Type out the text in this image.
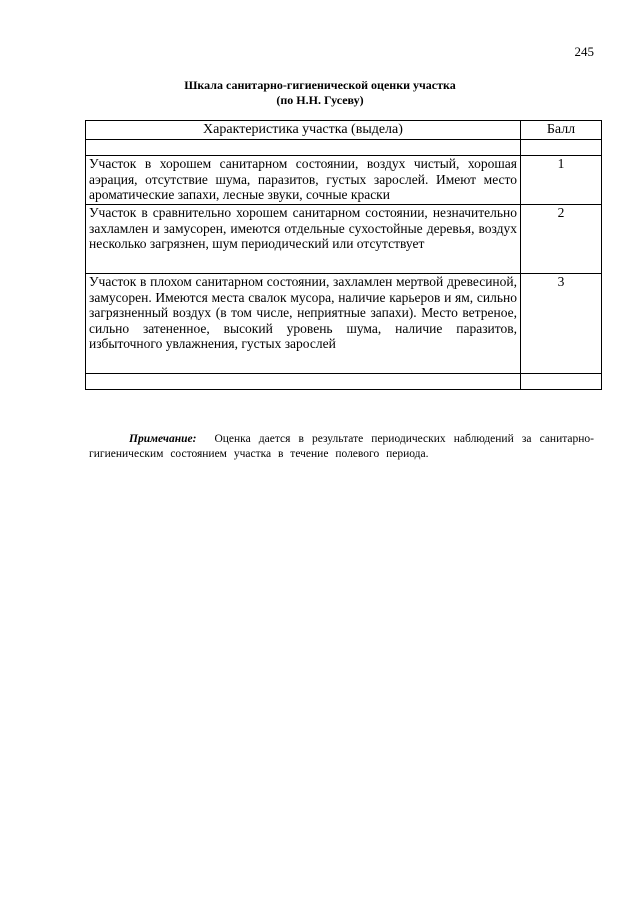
245
Шкала санитарно-гигиенической оценки участка
(по Н.Н. Гусеву)
Характеристика участка (выдела)	Балл

Участок в хорошем санитарном состоянии, воздух чистый, хорошая аэрация, отсутствие шума, паразитов, густых зарослей. Имеют место ароматические запахи, лесные звуки, сочные краски	1
Участок в сравнительно хорошем санитарном состоянии, незначительно захламлен и замусорен, имеются отдельные сухостойные деревья, воздух несколько загрязнен, шум периодический или отсутствует	2
Участок в плохом санитарном состоянии, захламлен мертвой древесиной, замусорен. Имеются места свалок мусора, наличие карьеров и ям, сильно загрязненный воздух (в том числе, неприятные запахи). Место ветреное, сильно затененное, высокий уровень шума, наличие паразитов, избыточного увлажнения, густых зарослей	3

Примечание: Оценка дается в результате периодических наблюдений за санитарно-гигиеническим состоянием участка в течение полевого периода.
